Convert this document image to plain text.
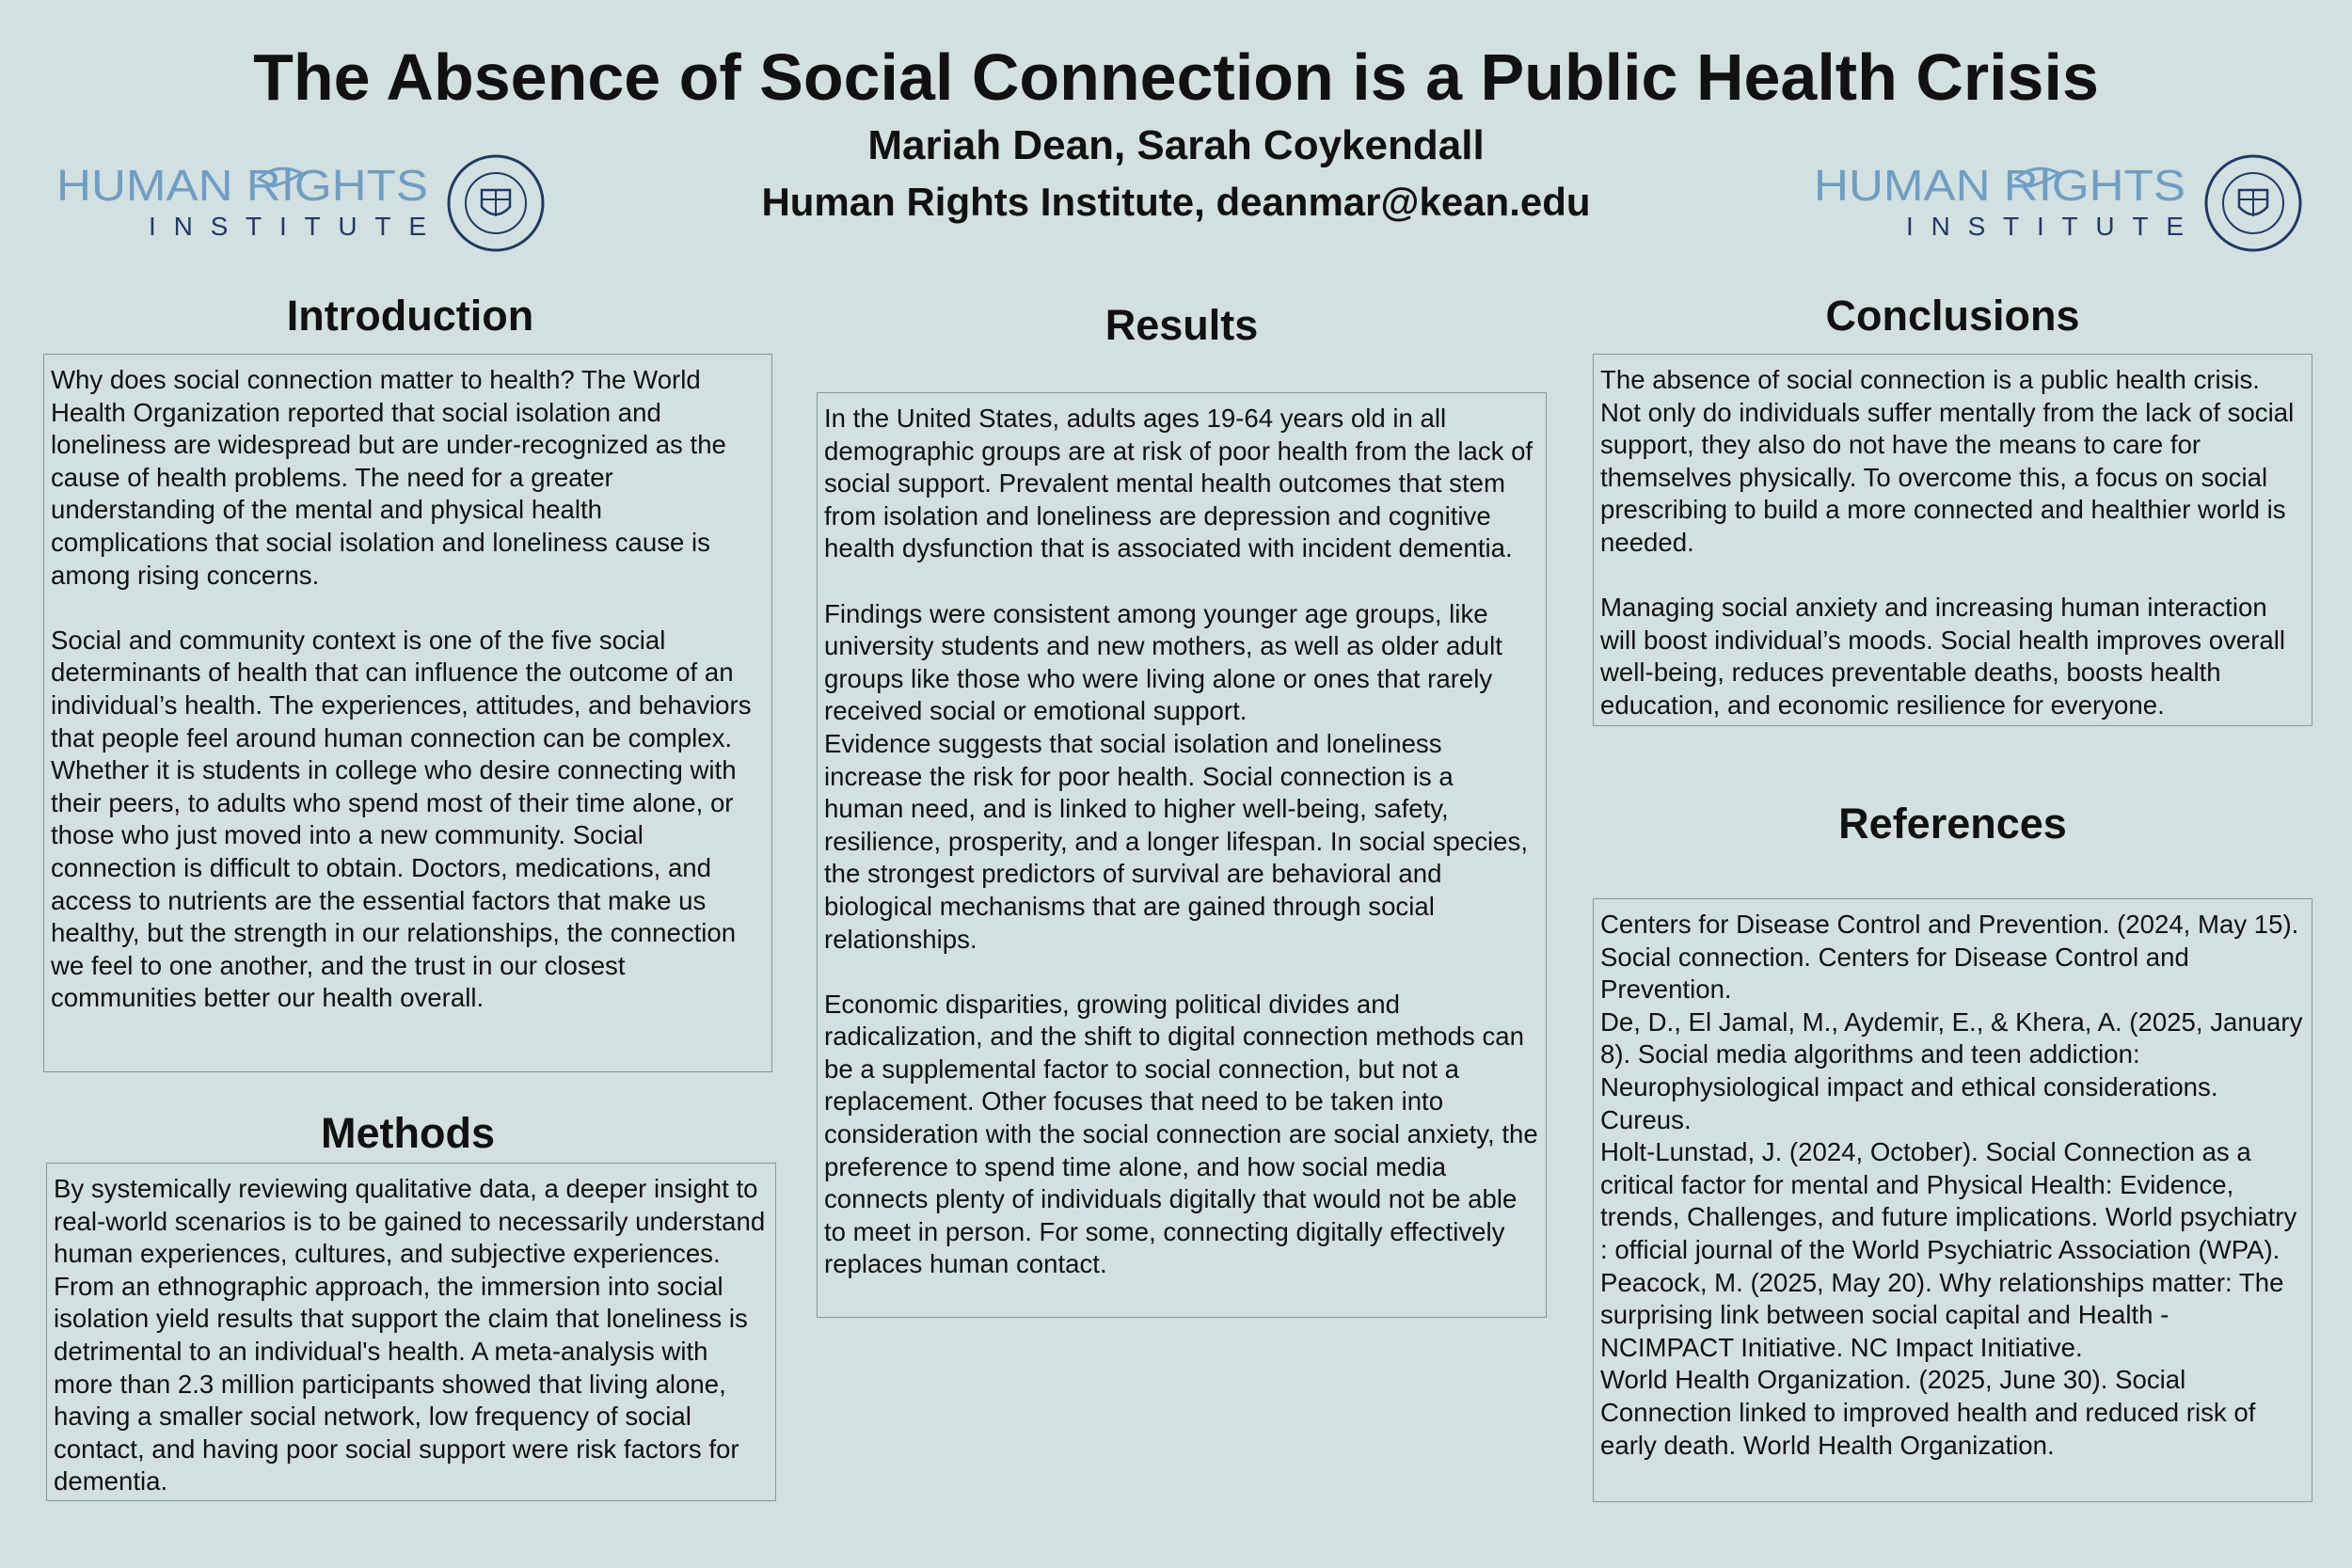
The Absence of Social Connection is a Public Health Crisis
Mariah Dean, Sarah Coykendall
Human Rights Institute, deanmar@kean.edu
HUMAN RIGHTS
INSTITUTE
HUMAN RIGHTS
INSTITUTE
Introduction

Why does social connection matter to health? The World Health Organization reported that social isolation and loneliness are widespread but are under-recognized as the cause of health problems. The need for a greater understanding of the mental and physical health complications that social isolation and loneliness cause is among rising concerns.

Social and community context is one of the five social determinants of health that can influence the outcome of an individual’s health. The experiences, attitudes, and behaviors that people feel around human connection can be complex. Whether it is students in college who desire connecting with their peers, to adults who spend most of their time alone, or those who just moved into a new community. Social connection is difficult to obtain. Doctors, medications, and access to nutrients are the essential factors that make us healthy, but the strength in our relationships, the connection we feel to one another, and the trust in our closest communities better our health overall.

Methods

By systemically reviewing qualitative data, a deeper insight to real-world scenarios is to be gained to necessarily understand human experiences, cultures, and subjective experiences. From an ethnographic approach, the immersion into social isolation yield results that support the claim that loneliness is detrimental to an individual's health. A meta-analysis with more than 2.3 million participants showed that living alone, having a smaller social network, low frequency of social contact, and having poor social support were risk factors for dementia.

Results

In the United States, adults ages 19-64 years old in all demographic groups are at risk of poor health from the lack of social support. Prevalent mental health outcomes that stem from isolation and loneliness are depression and cognitive health dysfunction that is associated with incident dementia.

Findings were consistent among younger age groups, like university students and new mothers, as well as older adult groups like those who were living alone or ones that rarely received social or emotional support.

Evidence suggests that social isolation and loneliness increase the risk for poor health. Social connection is a human need, and is linked to higher well-being, safety, resilience, prosperity, and a longer lifespan. In social species, the strongest predictors of survival are behavioral and biological mechanisms that are gained through social relationships.

Economic disparities, growing political divides and radicalization, and the shift to digital connection methods can be a supplemental factor to social connection, but not a replacement. Other focuses that need to be taken into consideration with the social connection are social anxiety, the preference to spend time alone, and how social media connects plenty of individuals digitally that would not be able to meet in person. For some, connecting digitally effectively replaces human contact.

Conclusions

The absence of social connection is a public health crisis. Not only do individuals suffer mentally from the lack of social support, they also do not have the means to care for themselves physically. To overcome this, a focus on social prescribing to build a more connected and healthier world is needed.

Managing social anxiety and increasing human interaction will boost individual’s moods. Social health improves overall well-being, reduces preventable deaths, boosts health education, and economic resilience for everyone.

References

Centers for Disease Control and Prevention. (2024, May 15). Social connection. Centers for Disease Control and Prevention.

De, D., El Jamal, M., Aydemir, E., & Khera, A. (2025, January 8). Social media algorithms and teen addiction: Neurophysiological impact and ethical considerations. Cureus.

Holt-Lunstad, J. (2024, October). Social Connection as a critical factor for mental and Physical Health: Evidence, trends, Challenges, and future implications. World psychiatry : official journal of the World Psychiatric Association (WPA).

Peacock, M. (2025, May 20). Why relationships matter: The surprising link between social capital and Health - NCIMPACT Initiative. NC Impact Initiative.

World Health Organization. (2025, June 30). Social Connection linked to improved health and reduced risk of early death. World Health Organization.
